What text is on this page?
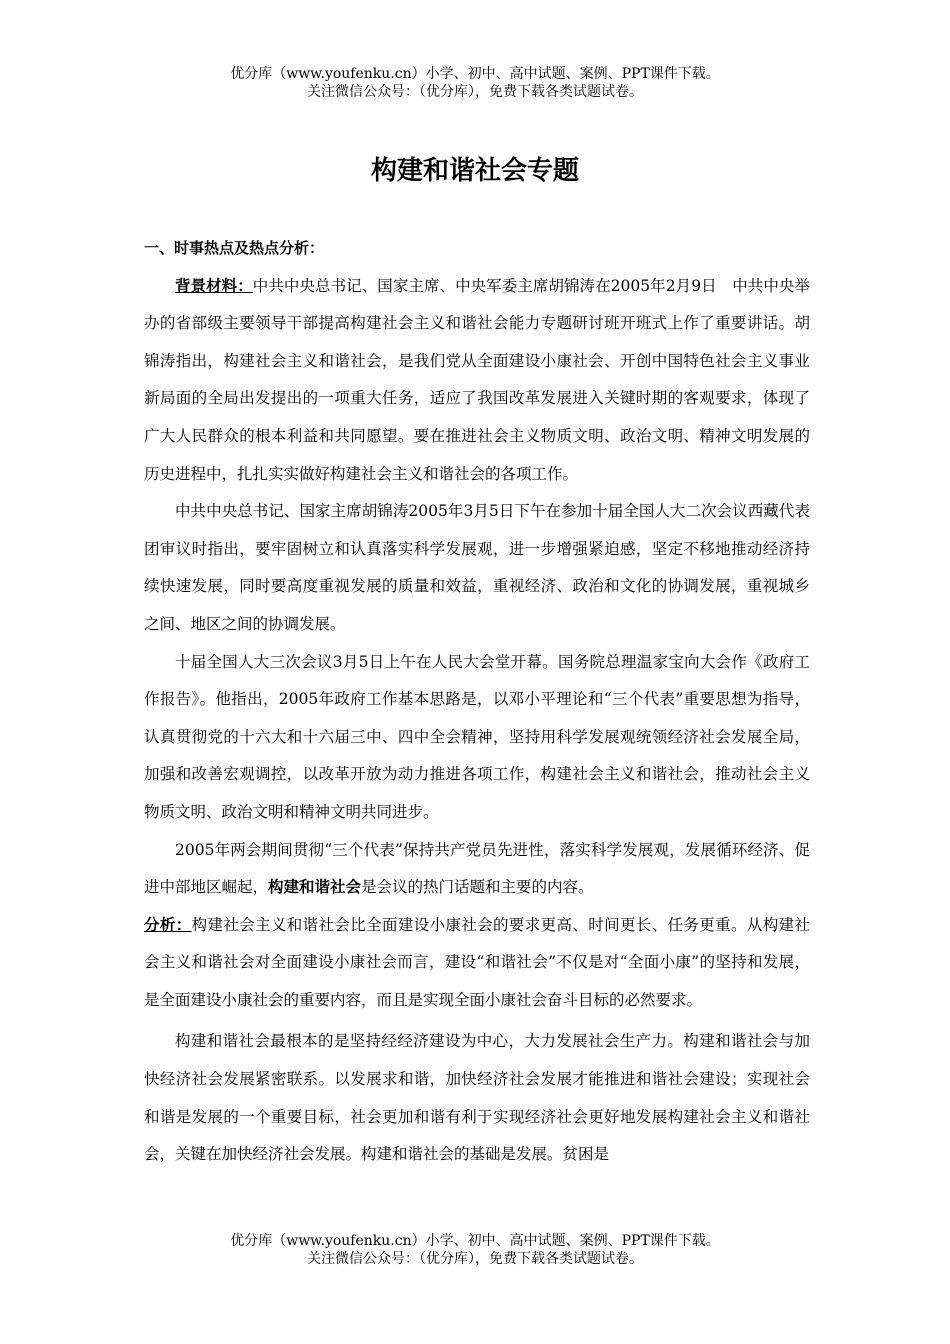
优分库（www.youfenku.cn）小学、初中、高中试题、案例、PPT课件下载。
关注微信公众号：（优分库），免费下载各类试题试卷。
构建和谐社会专题

一、时事热点及热点分析：

背景材料：中共中央总书记、国家主席、中央军委主席胡锦涛在2005年2月9日　中共中央举办的省部级主要领导干部提高构建社会主义和谐社会能力专题研讨班开班式上作了重要讲话。胡锦涛指出，构建社会主义和谐社会，是我们党从全面建设小康社会、开创中国特色社会主义事业新局面的全局出发提出的一项重大任务，适应了我国改革发展进入关键时期的客观要求，体现了广大人民群众的根本利益和共同愿望。要在推进社会主义物质文明、政治文明、精神文明发展的历史进程中，扎扎实实做好构建社会主义和谐社会的各项工作。

中共中央总书记、国家主席胡锦涛2005年3月5日下午在参加十届全国人大二次会议西藏代表团审议时指出，要牢固树立和认真落实科学发展观，进一步增强紧迫感，坚定不移地推动经济持续快速发展，同时要高度重视发展的质量和效益，重视经济、政治和文化的协调发展，重视城乡之间、地区之间的协调发展。

十届全国人大三次会议3月5日上午在人民大会堂开幕。国务院总理温家宝向大会作《政府工作报告》。他指出，2005年政府工作基本思路是，以邓小平理论和“三个代表”重要思想为指导，认真贯彻党的十六大和十六届三中、四中全会精神，坚持用科学发展观统领经济社会发展全局，加强和改善宏观调控，以改革开放为动力推进各项工作，构建社会主义和谐社会，推动社会主义物质文明、政治文明和精神文明共同进步。

2005年两会期间贯彻“三个代表”保持共产党员先进性，落实科学发展观，发展循环经济、促进中部地区崛起，构建和谐社会是会议的热门话题和主要的内容。

分析：构建社会主义和谐社会比全面建设小康社会的要求更高、时间更长、任务更重。从构建社会主义和谐社会对全面建设小康社会而言，建设“和谐社会”不仅是对“全面小康”的坚持和发展，是全面建设小康社会的重要内容，而且是实现全面小康社会奋斗目标的必然要求。

构建和谐社会最根本的是坚持经经济建设为中心，大力发展社会生产力。构建和谐社会与加快经济社会发展紧密联系。以发展求和谐，加快经济社会发展才能推进和谐社会建设；实现社会和谐是发展的一个重要目标，社会更加和谐有利于实现经济社会更好地发展构建社会主义和谐社会，关键在加快经济社会发展。构建和谐社会的基础是发展。贫困是

优分库（www.youfenku.cn）小学、初中、高中试题、案例、PPT课件下载。
关注微信公众号：（优分库），免费下载各类试题试卷。
